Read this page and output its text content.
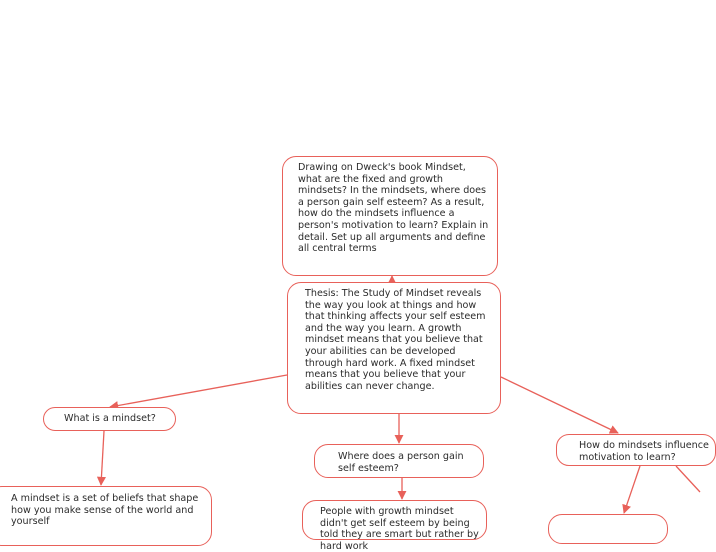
Drawing on Dweck's book Mindset, what are the fixed and growth mindsets? In the mindsets, where does a person gain self esteem? As a result, how do the mindsets influence a person's motivation to learn? Explain in detail. Set up all arguments and define all central terms
Thesis: The Study of Mindset reveals the way you look at things and how that thinking affects your self esteem and the way you learn. A growth mindset means that you believe that your abilities can be developed   through hard work. A fixed mindset means that you believe that your abilities can never change.
What is a mindset?
Where does a person gain self esteem?
How do mindsets influence motivation to learn?
A mindset is a set of beliefs that shape how you make sense of the world and yourself
People with growth mindset didn't get self esteem by being told they are smart but rather by hard work
